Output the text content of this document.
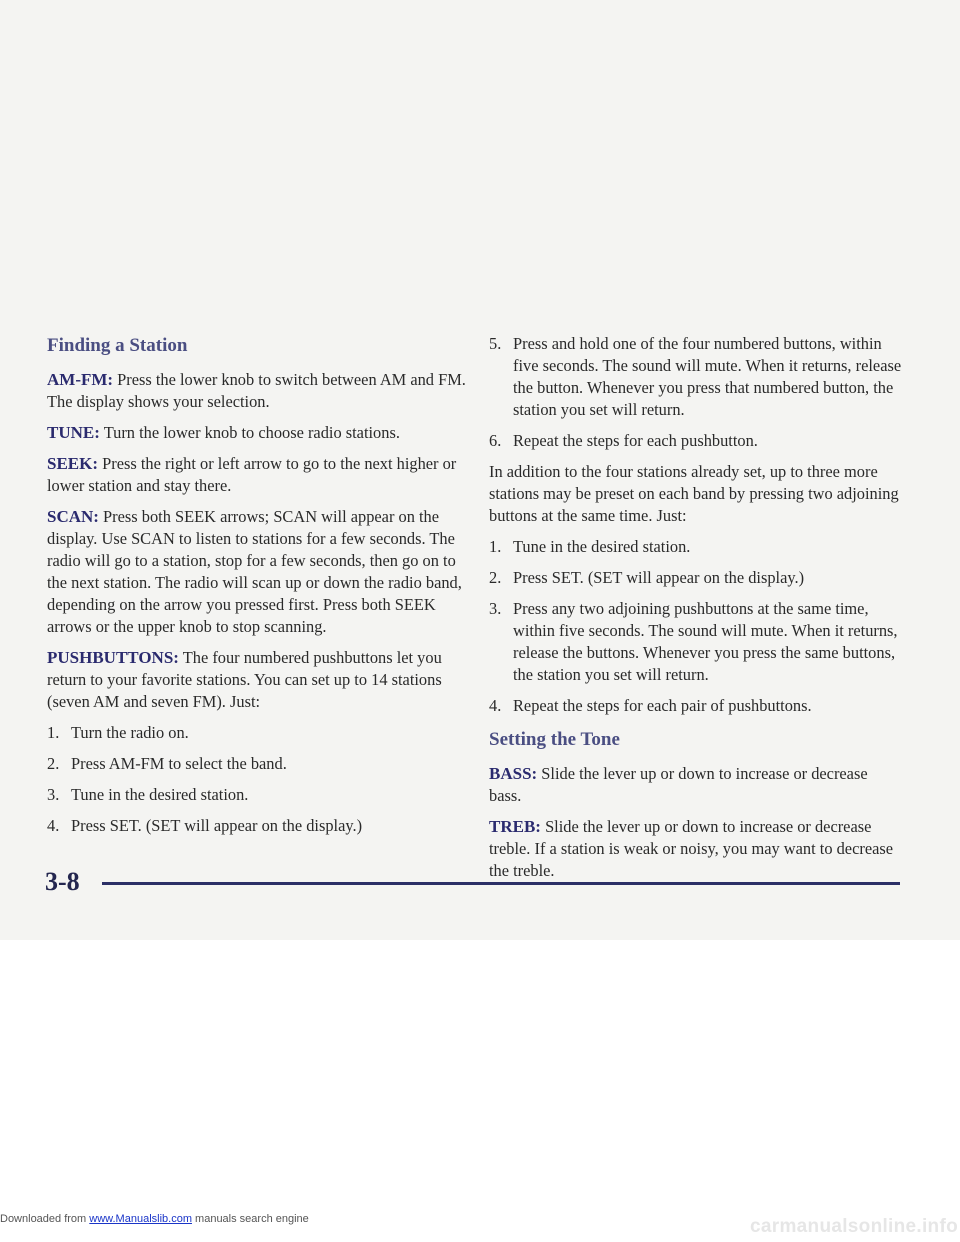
Finding a Station

AM-FM: Press the lower knob to switch between AM and FM. The display shows your selection.

TUNE: Turn the lower knob to choose radio stations.

SEEK: Press the right or left arrow to go to the next higher or lower station and stay there.

SCAN: Press both SEEK arrows; SCAN will appear on the display. Use SCAN to listen to stations for a few seconds. The radio will go to a station, stop for a few seconds, then go on to the next station. The radio will scan up or down the radio band, depending on the arrow you pressed first. Press both SEEK arrows or the upper knob to stop scanning.

PUSHBUTTONS: The four numbered pushbuttons let you return to your favorite stations. You can set up to 14 stations (seven AM and seven FM). Just:

1. Turn the radio on.
2. Press AM-FM to select the band.
3. Tune in the desired station.
4. Press SET. (SET will appear on the display.)
5. Press and hold one of the four numbered buttons, within five seconds. The sound will mute. When it returns, release the button. Whenever you press that numbered button, the station you set will return.
6. Repeat the steps for each pushbutton.

In addition to the four stations already set, up to three more stations may be preset on each band by pressing two adjoining buttons at the same time. Just:

1. Tune in the desired station.
2. Press SET. (SET will appear on the display.)
3. Press any two adjoining pushbuttons at the same time, within five seconds. The sound will mute. When it returns, release the buttons. Whenever you press the same buttons, the station you set will return.
4. Repeat the steps for each pair of pushbuttons.
Setting the Tone

BASS: Slide the lever up or down to increase or decrease bass.

TREB: Slide the lever up or down to increase or decrease treble. If a station is weak or noisy, you may want to decrease the treble.

3-8
Downloaded from www.Manualslib.com manuals search engine	carmanualsonline.info
